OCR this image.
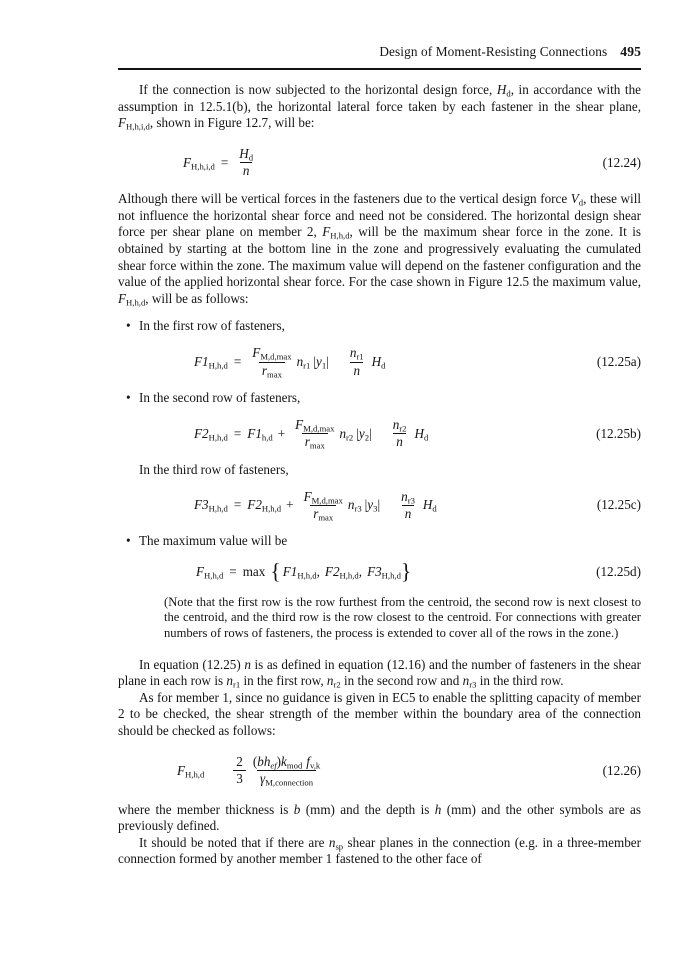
Design of Moment-Resisting Connections 495

If the connection is now subjected to the horizontal design force, $H_d$, in accordance with the assumption in 12.5.1(b), the horizontal lateral force taken by each fastener in the shear plane, $F_{H,h,i,d}$, shown in Figure 12.7, will be:

$F_{H,h,i,d} = \frac{H_d}{n}$	(12.24)

Although there will be vertical forces in the fasteners due to the vertical design force $V_d$, these will not influence the horizontal shear force and need not be considered. The horizontal design shear force per shear plane on member 2, $F_{H,h,d}$, will be the maximum shear force in the zone. It is obtained by starting at the bottom line in the zone and progressively evaluating the cumulated shear force within the zone. The maximum value will depend on the fastener configuration and the value of the applied horizontal shear force. For the case shown in Figure 12.5 the maximum value, $F_{H,h,d}$, will be as follows:

• In the first row of fasteners,
$F1_{H,h,d} = \frac{F_{M,d,max}}{r_{max}} n_{r1}$ $|y_1| \frac{n_{r1}}{n} H_d$	(12.25a)
• In the second row of fasteners,
$F2_{H,h,d} = F1_{h,d} + \frac{F_{M,d,max}}{r_{max}} n_{r2}$ $|y_2| \frac{n_{r2}}{n} H_d$	(12.25b)
In the third row of fasteners,
$F3_{H,h,d} = F2_{H,h,d} + \frac{F_{M,d,max}}{r_{max}} n_{r3}$ $|y_3| \frac{n_{r3}}{n} H_d$	(12.25c)
• The maximum value will be
$F_{H,h,d} = \max$ { $F1_{H,h,d}$ , $F2_{H,h,d}$ , $F3_{H,h,d}$ }	(12.25d)

(Note that the first row is the row furthest from the centroid, the second row is next closest to the centroid, and the third row is the row closest to the centroid. For connections with greater numbers of rows of fasteners, the process is extended to cover all of the rows in the zone.)

In equation (12.25) n is as defined in equation (12.16) and the number of fasteners in the shear plane in each row is $n_{r1}$ in the first row, $n_{r2}$ in the second row and $n_{r3}$ in the third row.

As for member 1, since no guidance is given in EC5 to enable the splitting capacity of member 2 to be checked, the shear strength of the member within the boundary area of the connection should be checked as follows:

$F_{H,h,d} \frac{2}{3} \frac{(bh_{ef})k_{mod} f_{v,k}}{\gamma_{M,connection}}$	(12.26)

where the member thickness is b (mm) and the depth is h (mm) and the other symbols are as previously defined.

It should be noted that if there are $n_{sp}$ shear planes in the connection (e.g. in a three-member connection formed by another member 1 fastened to the other face of
